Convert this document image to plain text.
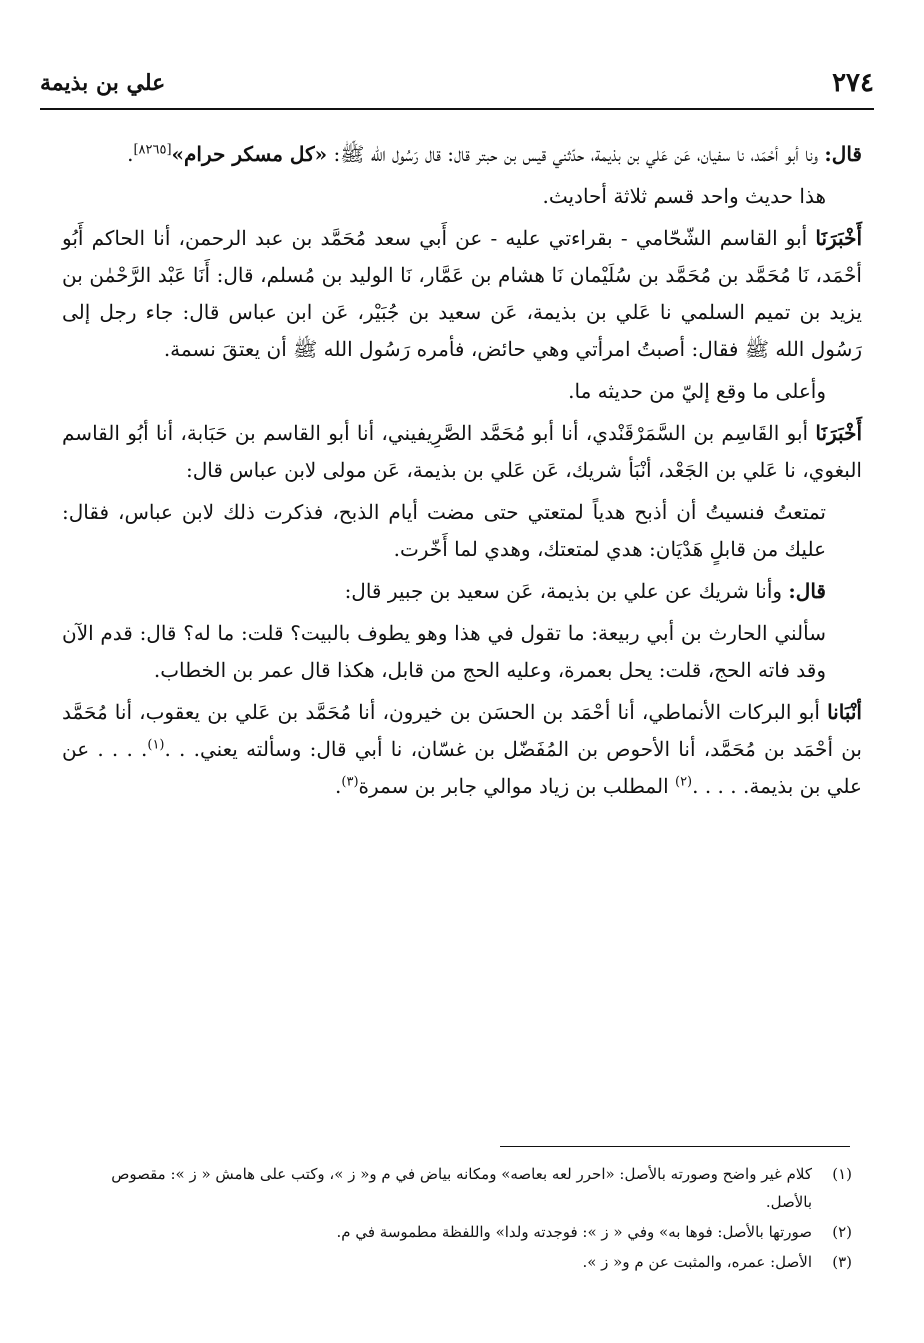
٢٧٤
علي بن بذيمة

قال: ونا أبو أحْمَد، نا سفيان، عَن عَلي بن بذيمة، حدّثني قيس بن حبتر قال: قال رَسُول الله ﷺ: «كل مسكر حرام»[٨٢٦٥].

هذا حديث واحد قسم ثلاثة أحاديث.

أَخْبَرَنَا أبو القاسم الشّحّامي - بقراءتي عليه - عن أَبي سعد مُحَمَّد بن عبد الرحمن، أنا الحاكم أَبُو أحْمَد، نَا مُحَمَّد بن مُحَمَّد بن سُلَيْمان نَا هشام بن عَمَّار، نَا الوليد بن مُسلم، قال: أَنَا عَبْد الرَّحْمٰن بن يزيد بن تميم السلمي نا عَلي بن بذيمة، عَن سعيد بن جُبَيْر، عَن ابن عباس قال: جاء رجل إلى رَسُول الله ﷺ فقال: أصبتُ امرأتي وهي حائض، فأمره رَسُول الله ﷺ أن يعتقَ نسمة.

وأعلى ما وقع إليّ من حديثه ما.

أَخْبَرَنَا أبو القَاسِم بن السَّمَرْقَنْدي، أنا أبو مُحَمَّد الصَّرِيفيني، أنا أبو القاسم بن حَبَابة، أنا أبُو القاسم البغوي، نا عَلي بن الجَعْد، أنْبَأ شريك، عَن عَلي بن بذيمة، عَن مولى لابن عباس قال:

تمتعتُ فنسيتُ أن أذبح هدياً لمتعتي حتى مضت أيام الذبح، فذكرت ذلك لابن عباس، فقال: عليك من قابلٍ هَدْيَان: هدي لمتعتك، وهدي لما أَخّرت.

قال: وأنا شريك عن علي بن بذيمة، عَن سعيد بن جبير قال:

سألني الحارث بن أبي ربيعة: ما تقول في هذا وهو يطوف بالبيت؟ قلت: ما له؟ قال: قدم الآن وقد فاته الحج، قلت: يحل بعمرة، وعليه الحج من قابل، هكذا قال عمر بن الخطاب.

أنْبَانا أبو البركات الأنماطي، أنا أحْمَد بن الحسَن بن خيرون، أنا مُحَمَّد بن عَلي بن يعقوب، أنا مُحَمَّد بن أحْمَد بن مُحَمَّد، أنا الأحوص بن المُفَضّل بن غسّان، نا أبي قال: وسألته يعني. . .$^{(١)}$. . . . عن علي بن بذيمة. . . . .$^{(٢)}$ المطلب بن زياد موالي جابر بن سمرة$^{(٣)}$.

(١)
كلام غير واضح وصورته بالأصل: «احرر لعه بعاصه» ومكانه بياض في م و« ز »، وكتب على هامش « ز »: مقصوص بالأصل.
(٢)
صورتها بالأصل: فوها به» وفي « ز »: فوجدته ولدا» واللفظة مطموسة في م.
(٣)
الأصل: عمره، والمثبت عن م و« ز ».
